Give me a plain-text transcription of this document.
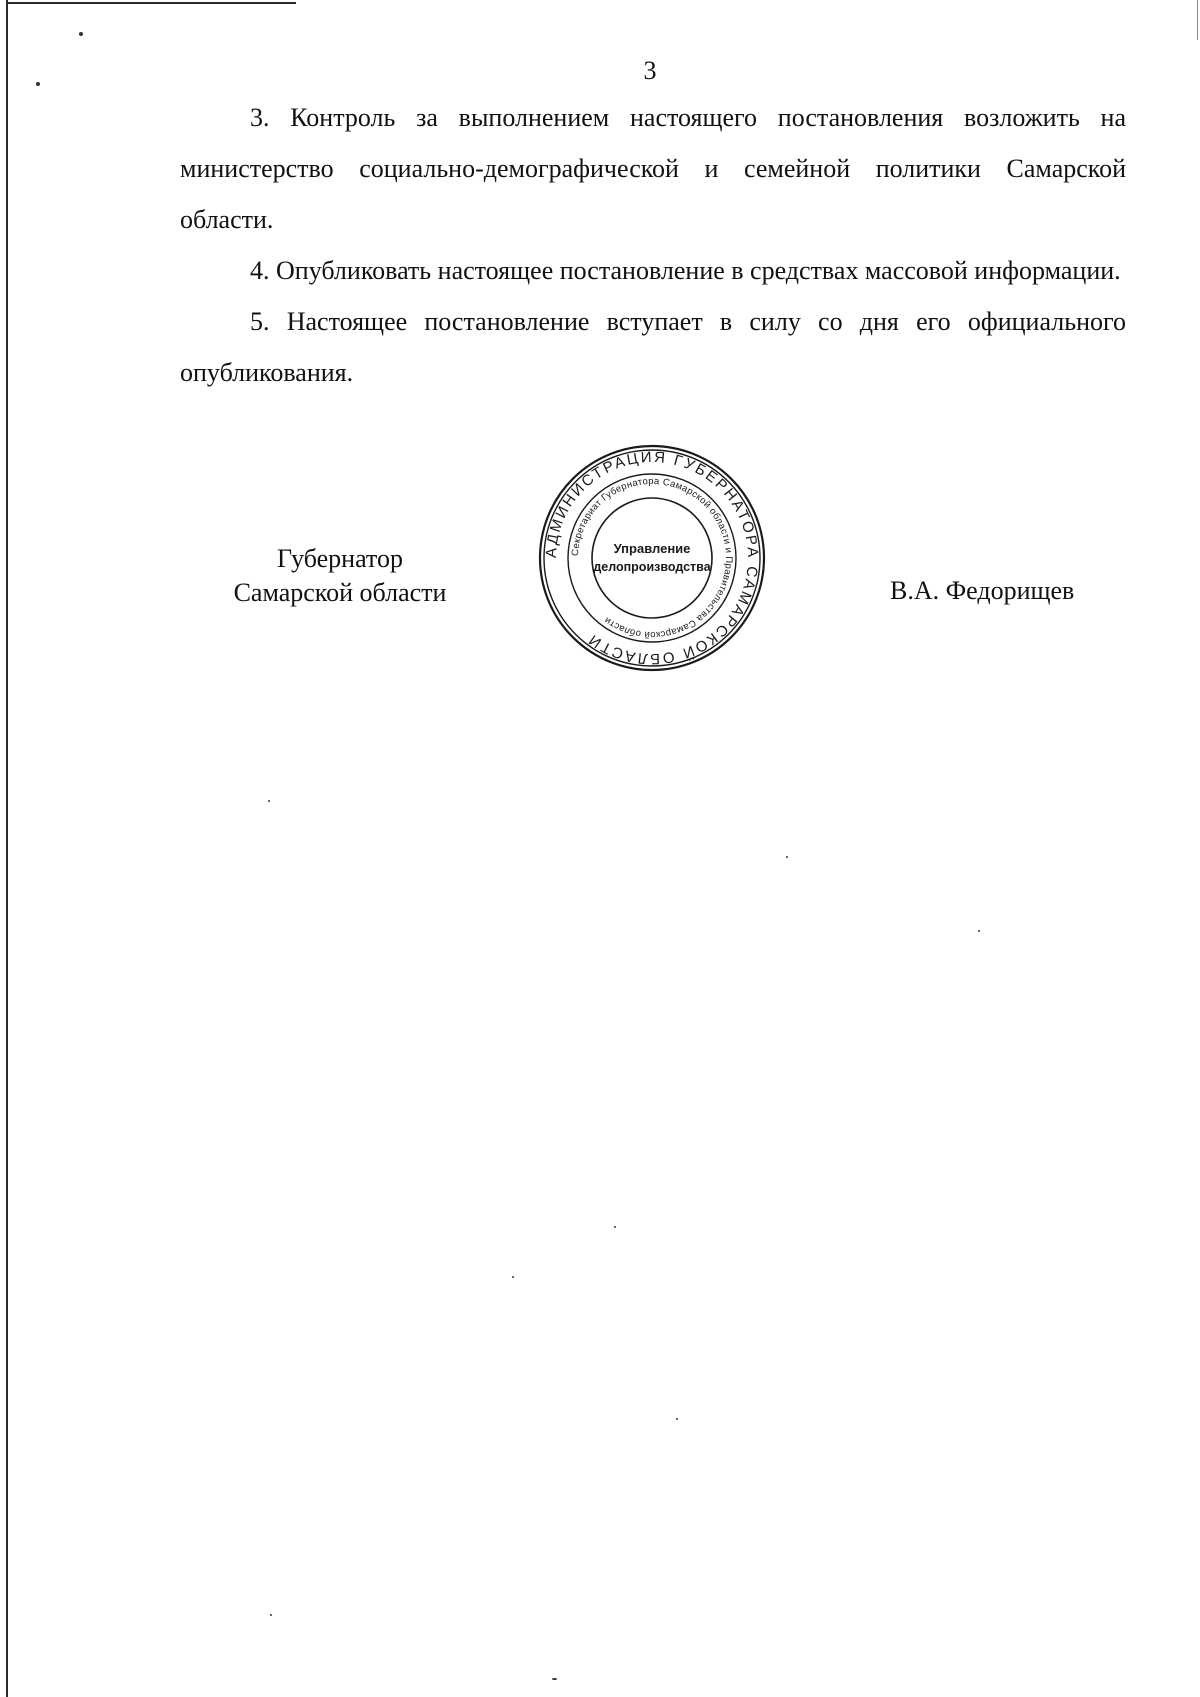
3

3. Контроль за выполнением настоящего постановления возложить на министерство социально-демографической и семейной политики Самарской области.

4. Опубликовать настоящее постановление в средствах массовой информации.

5. Настоящее постановление вступает в силу со дня его официального опубликования.

Губернатор
Самарской области
АДМИНИСТРАЦИЯ ГУБЕРНАТОРА САМАРСКОЙ ОБЛАСТИ
Секретариат Губернатора Самарской области и Правительства Самарской области
Управление
делопроизводства
В.А. Федорищев
